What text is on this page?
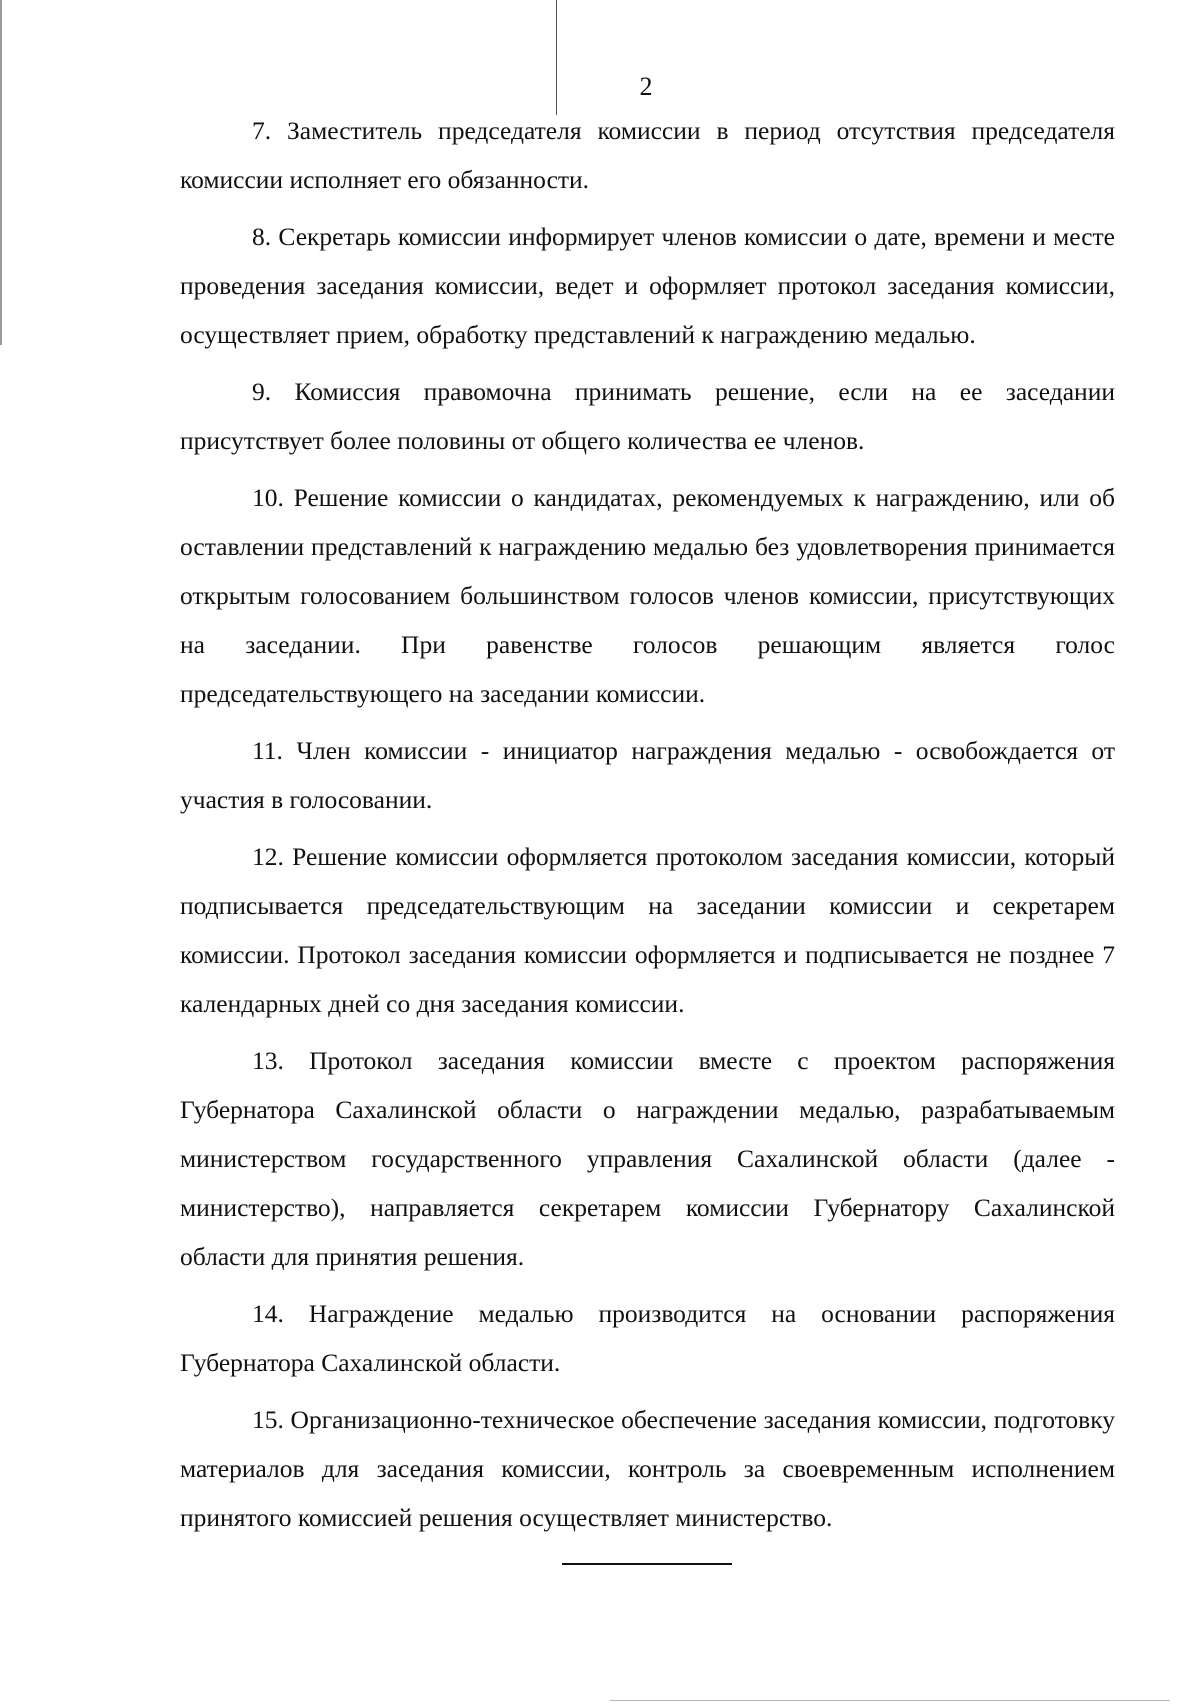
2

7. Заместитель председателя комиссии в период отсутствия председателя комиссии исполняет его обязанности.

8. Секретарь комиссии информирует членов комиссии о дате, времени и месте проведения заседания комиссии, ведет и оформляет протокол заседания комиссии, осуществляет прием, обработку представлений к награждению медалью.

9. Комиссия правомочна принимать решение, если на ее заседании присутствует более половины от общего количества ее членов.

10. Решение комиссии о кандидатах, рекомендуемых к награждению, или об оставлении представлений к награждению медалью без удовлетворения принимается открытым голосованием большинством голосов членов комиссии, присутствующих на заседании. При равенстве голосов решающим является голос председательствующего на заседании комиссии.

11. Член комиссии - инициатор награждения медалью - освобождается от участия в голосовании.

12. Решение комиссии оформляется протоколом заседания комиссии, который подписывается председательствующим на заседании комиссии и секретарем комиссии. Протокол заседания комиссии оформляется и подписывается не позднее 7 календарных дней со дня заседания комиссии.

13. Протокол заседания комиссии вместе с проектом распоряжения Губернатора Сахалинской области о награждении медалью, разрабатываемым министерством государственного управления Сахалинской области (далее - министерство), направляется секретарем комиссии Губернатору Сахалинской области для принятия решения.

14. Награждение медалью производится на основании распоряжения Губернатора Сахалинской области.

15. Организационно-техническое обеспечение заседания комиссии, подготовку материалов для заседания комиссии, контроль за своевременным исполнением принятого комиссией решения осуществляет министерство.
